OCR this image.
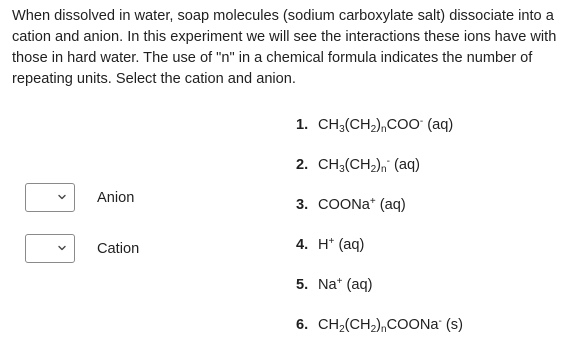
When dissolved in water, soap molecules (sodium carboxylate salt) dissociate into a cation and anion. In this experiment we will see the interactions these ions have with those in hard water. The use of "n" in a chemical formula indicates the number of repeating units. Select the cation and anion.

Anion
Cation
1. $CH_3(CH_2)_nCOO^-$ (aq)
2. $CH_3(CH_2)_n^-$ (aq)
3. COONa+ (aq)
4. H+ (aq)
5. Na+ (aq)
6. $CH_2(CH_2)_nCOONa^-$ (s)
